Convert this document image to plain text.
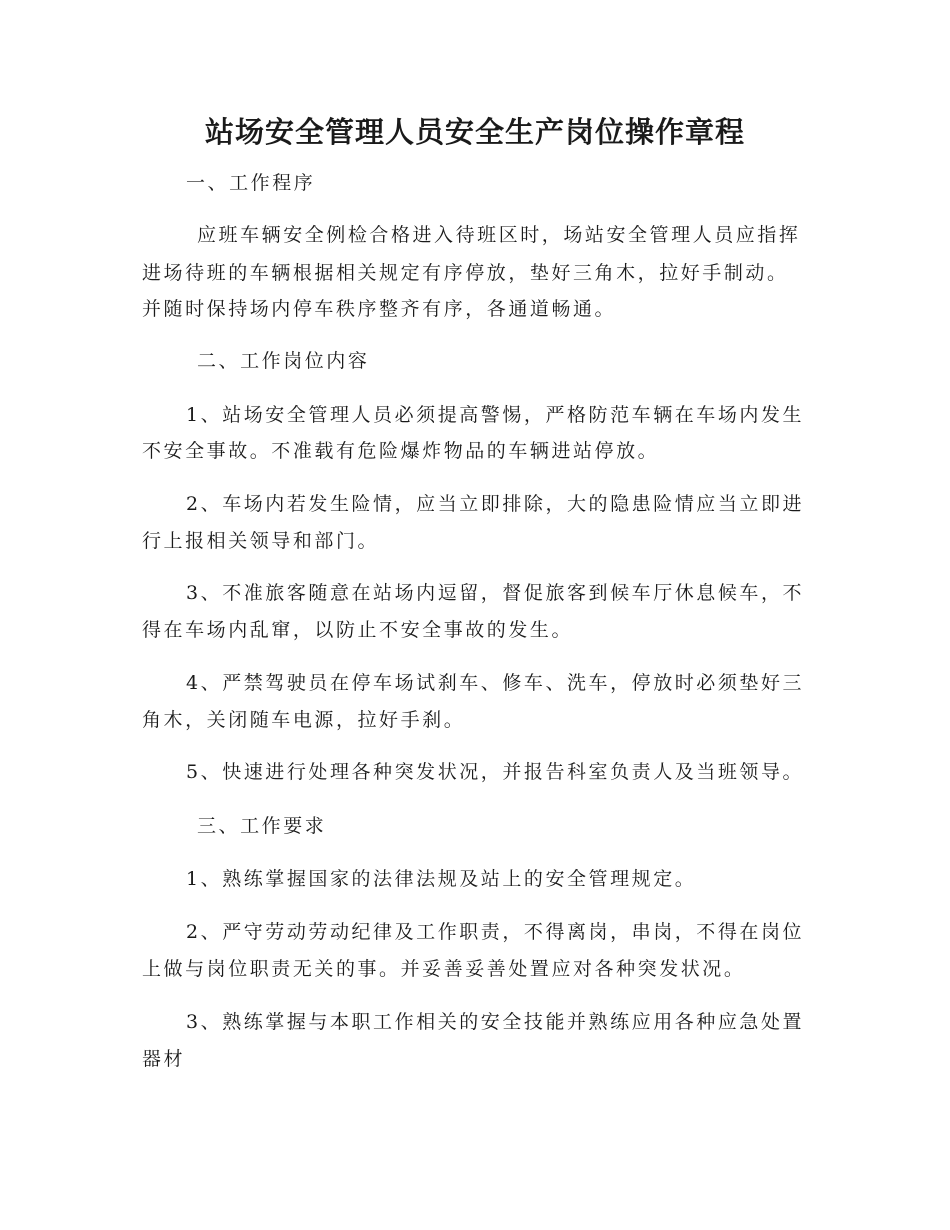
站场安全管理人员安全生产岗位操作章程
一、工作程序
应班车辆安全例检合格进入待班区时，场站安全管理人员应指挥
进场待班的车辆根据相关规定有序停放，垫好三角木，拉好手制动。
并随时保持场内停车秩序整齐有序，各通道畅通。
二、工作岗位内容
1、站场安全管理人员必须提高警惕，严格防范车辆在车场内发生
不安全事故。不准载有危险爆炸物品的车辆进站停放。
2、车场内若发生险情，应当立即排除，大的隐患险情应当立即进
行上报相关领导和部门。
3、不准旅客随意在站场内逗留，督促旅客到候车厅休息候车，不
得在车场内乱窜，以防止不安全事故的发生。
4、严禁驾驶员在停车场试刹车、修车、洗车，停放时必须垫好三
角木，关闭随车电源，拉好手刹。
5、快速进行处理各种突发状况，并报告科室负责人及当班领导。
三、工作要求
1、熟练掌握国家的法律法规及站上的安全管理规定。
2、严守劳动劳动纪律及工作职责，不得离岗，串岗，不得在岗位
上做与岗位职责无关的事。并妥善妥善处置应对各种突发状况。
3、熟练掌握与本职工作相关的安全技能并熟练应用各种应急处置
器材
